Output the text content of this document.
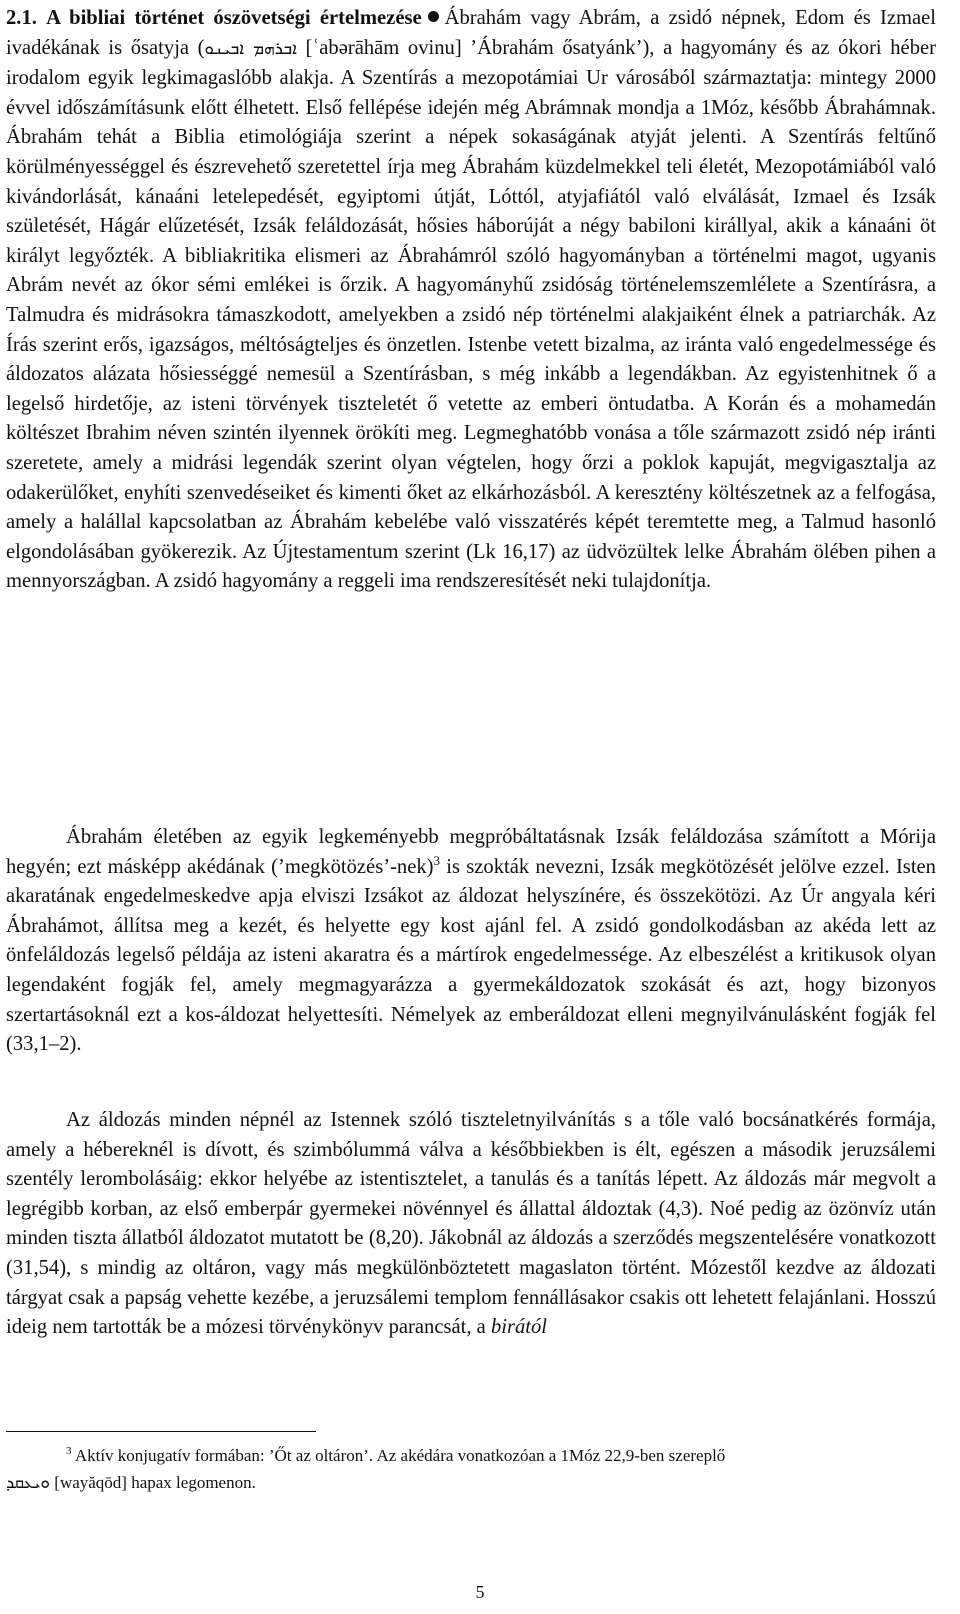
2.1. A bibliai történet ószövetségi értelmezése Ábrahám vagy Abrám, a zsidó népnek, Edom és Izmael ivadékának is ősatyja (ܐܒܪܗܡ ܐܒܝܢܘ [ʿabərāhām ovinu] ’Ábrahám ősatyánk’), a hagyomány és az ókori héber irodalom egyik legkimagaslóbb alakja. A Szentírás a mezopotámiai Ur városából származtatja: mintegy 2000 évvel időszámításunk előtt élhetett. Első fellépése idején még Abrámnak mondja a 1Móz, később Ábrahámnak. Ábrahám tehát a Biblia etimológiája szerint a népek sokaságának atyját jelenti. A Szentírás feltűnő körülményességgel és észrevehető szeretettel írja meg Ábrahám küzdelmekkel teli életét, Mezopotámiából való kivándorlását, kánaáni letelepedését, egyiptomi útját, Lóttól, atyjafiától való elválását, Izmael és Izsák születését, Hágár elűzetését, Izsák feláldozását, hősies háborúját a négy babiloni királlyal, akik a kánaáni öt királyt legyőzték. A bibliakritika elismeri az Ábrahámról szóló hagyományban a történelmi magot, ugyanis Abrám nevét az ókor sémi emlékei is őrzik. A hagyományhű zsidóság történelemszemlélete a Szentírásra, a Talmudra és midrásokra támaszkodott, amelyekben a zsidó nép történelmi alakjaiként élnek a patriarchák. Az Írás szerint erős, igazságos, méltóságteljes és önzetlen. Istenbe vetett bizalma, az iránta való engedelmessége és áldozatos alázata hősiességgé nemesül a Szentírásban, s még inkább a legendákban. Az egyistenhitnek ő a legelső hirdetője, az isteni törvények tiszteletét ő vetette az emberi öntudatba. A Korán és a mohamedán költészet Ibrahim néven szintén ilyennek örökíti meg. Legmeghatóbb vonása a tőle származott zsidó nép iránti szeretete, amely a midrási legendák szerint olyan végtelen, hogy őrzi a poklok kapuját, megvigasztalja az odakerülőket, enyhíti szenvedéseiket és kimenti őket az elkárhozásból. A keresztény költészetnek az a felfogása, amely a halállal kapcsolatban az Ábrahám kebelébe való visszatérés képét teremtette meg, a Talmud hasonló elgondolásában gyökerezik. Az Újtestamentum szerint (Lk 16,17) az üdvözültek lelke Ábrahám ölében pihen a mennyországban. A zsidó hagyomány a reggeli ima rendszeresítését neki tulajdonítja.

Ábrahám életében az egyik legkeményebb megpróbáltatásnak Izsák feláldozása számított a Mórija hegyén; ezt másképp akédának (’megkötözés’-nek)$^3$ is szokták nevezni, Izsák megkötözését jelölve ezzel. Isten akaratának engedelmeskedve apja elviszi Izsákot az áldozat helyszínére, és összekötözi. Az Úr angyala kéri Ábrahámot, állítsa meg a kezét, és helyette egy kost ajánl fel. A zsidó gondolkodásban az akéda lett az önfeláldozás legelső példája az isteni akaratra és a mártírok engedelmessége. Az elbeszélést a kritikusok olyan legendaként fogják fel, amely megmagyarázza a gyermekáldozatok szokását és azt, hogy bizonyos szertartásoknál ezt a kos-áldozat helyettesíti. Némelyek az emberáldozat elleni megnyilvánulásként fogják fel (33,1–2).

Az áldozás minden népnél az Istennek szóló tiszteletnyilvánítás s a tőle való bocsánatkérés formája, amely a hébereknél is dívott, és szimbólummá válva a későbbiekben is élt, egészen a második jeruzsálemi szentély lerombolásáig: ekkor helyébe az istentisztelet, a tanulás és a tanítás lépett. Az áldozás már megvolt a legrégibb korban, az első emberpár gyermekei növénnyel és állattal áldoztak (4,3). Noé pedig az özönvíz után minden tiszta állatból áldozatot mutatott be (8,20). Jákobnál az áldozás a szerződés megszentelésére vonatkozott (31,54), s mindig az oltáron, vagy más megkülönböztetett magaslaton történt. Mózestől kezdve az áldozati tárgyat csak a papság vehette kezébe, a jeruzsálemi templom fennállásakor csakis ott lehetett felajánlani. Hosszú ideig nem tartották be a mózesi törvénykönyv parancsát, a birától

$^3$ Aktív konjugatív formában: ’Őt az oltáron’. Az akédára vonatkozóan a 1Móz 22,9-ben szereplő

ܘܝܥܩܕ [wayăqōd] hapax legomenon.

5
